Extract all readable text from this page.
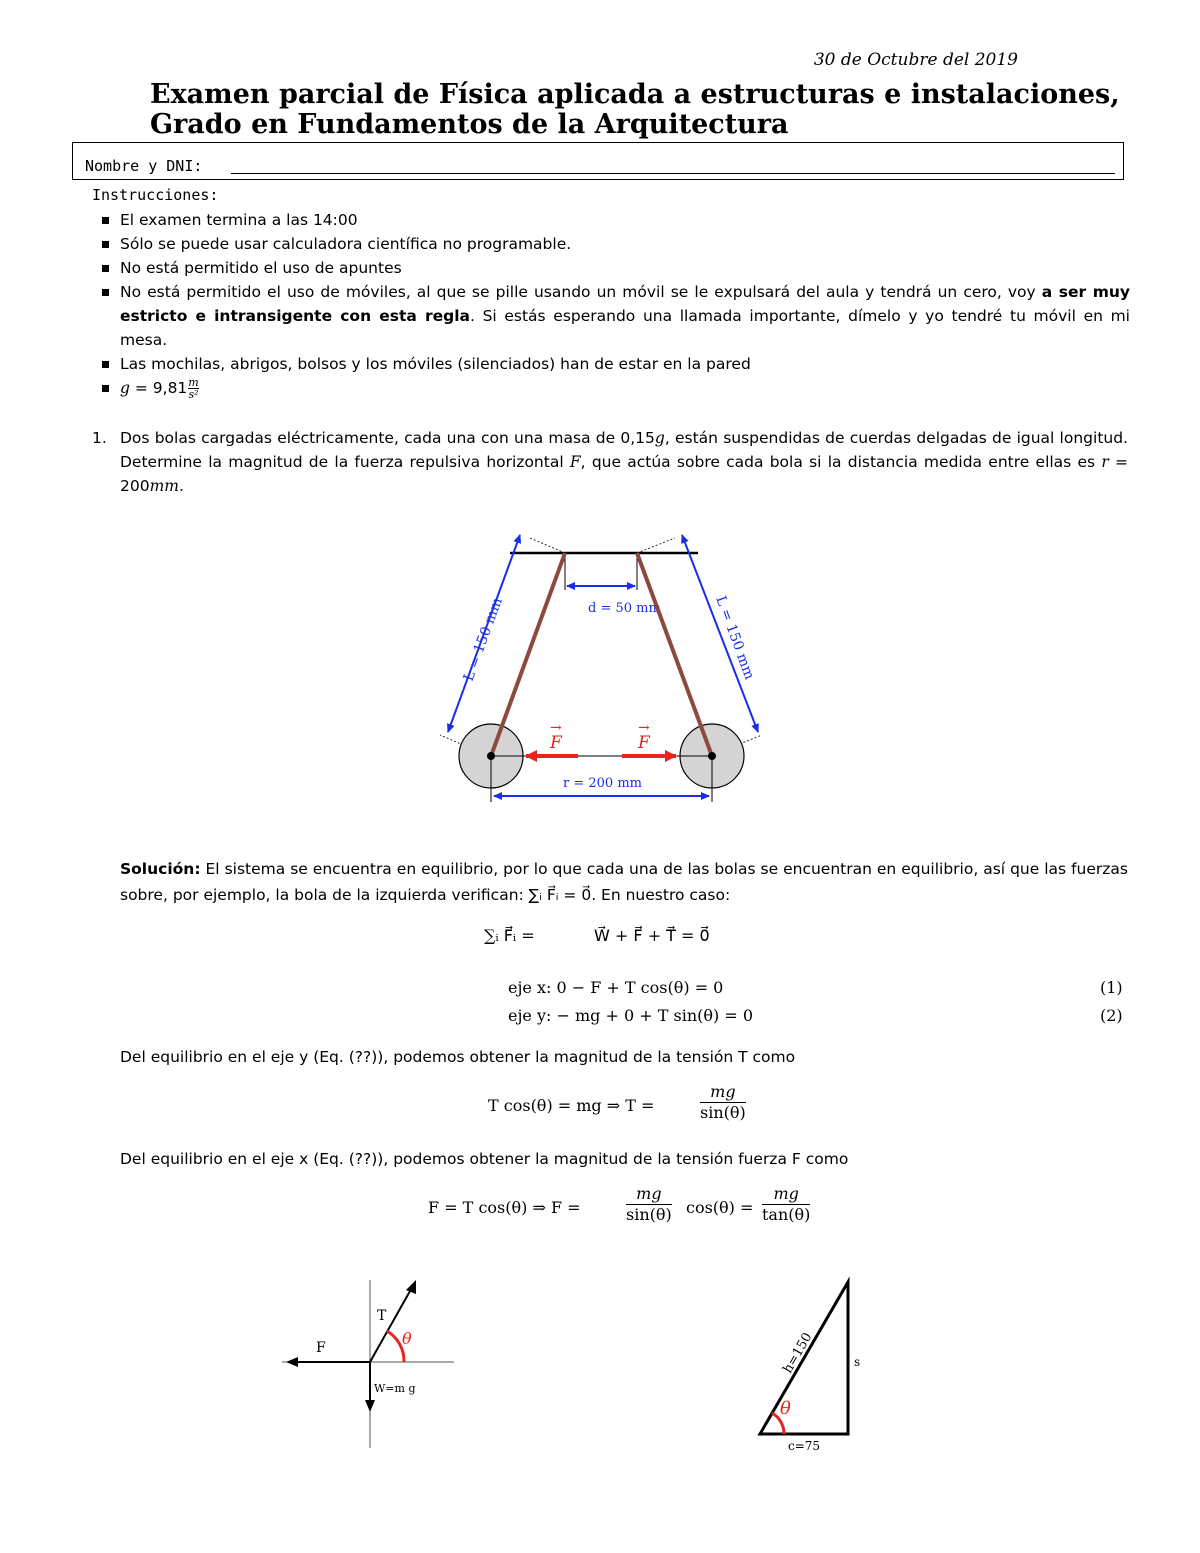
30 de Octubre del 2019
Examen parcial de Física aplicada a estructuras e instalaciones,
Grado en Fundamentos de la Arquitectura
Nombre y DNI:
Instrucciones:
El examen termina a las 14:00
Sólo se puede usar calculadora científica no programable.
No está permitido el uso de apuntes
No está permitido el uso de móviles, al que se pille usando un móvil se le expulsará del aula y tendrá un cero, voy a ser muy estricto e intransigente con esta regla. Si estás esperando una llamada importante, dímelo y yo tendré tu móvil en mi mesa.
Las mochilas, abrigos, bolsos y los móviles (silenciados) han de estar en la pared
$g = 9,81 \frac{m}{\text{s²}}$
1. Dos bolas cargadas eléctricamente, cada una con una masa de 0,15g, están suspendidas de cuerdas delgadas de igual longitud. Determine la magnitud de la fuerza repulsiva horizontal F, que actúa sobre cada bola si la distancia medida entre ellas es r = 200mm.
d = 50 mm
L = 150 mm	L = 150 mm
F
→
F
→
r = 200 mm
Solución: El sistema se encuentra en equilibrio, por lo que cada una de las bolas se encuentran en equilibrio, así que las fuerzas sobre, por ejemplo, la bola de la izquierda verifican: ∑ᵢ F⃗ᵢ = 0⃗. En nuestro caso:
∑ᵢ F⃗ᵢ =	W⃗ + F⃗ + T⃗ = 0⃗
eje x: 0 − F + T cos(θ) = 0	(1)
eje y: − mg + 0 + T sin(θ) = 0	(2)
Del equilibrio en el eje y (Eq. (??)), podemos obtener la magnitud de la tensión T como
T cos(θ) = mg ⇒ T =	$\frac{mg}{\sin(\theta)}$
Del equilibrio en el eje x (Eq. (??)), podemos obtener la magnitud de la tensión fuerza F como
F = T cos(θ) ⇒ F =	$\frac{mg}{\sin(\theta)} \cos(\theta) = \frac{mg}{\tan(\theta)}$
T
F	θ
W=m g
h=150	s
θ
c=75
